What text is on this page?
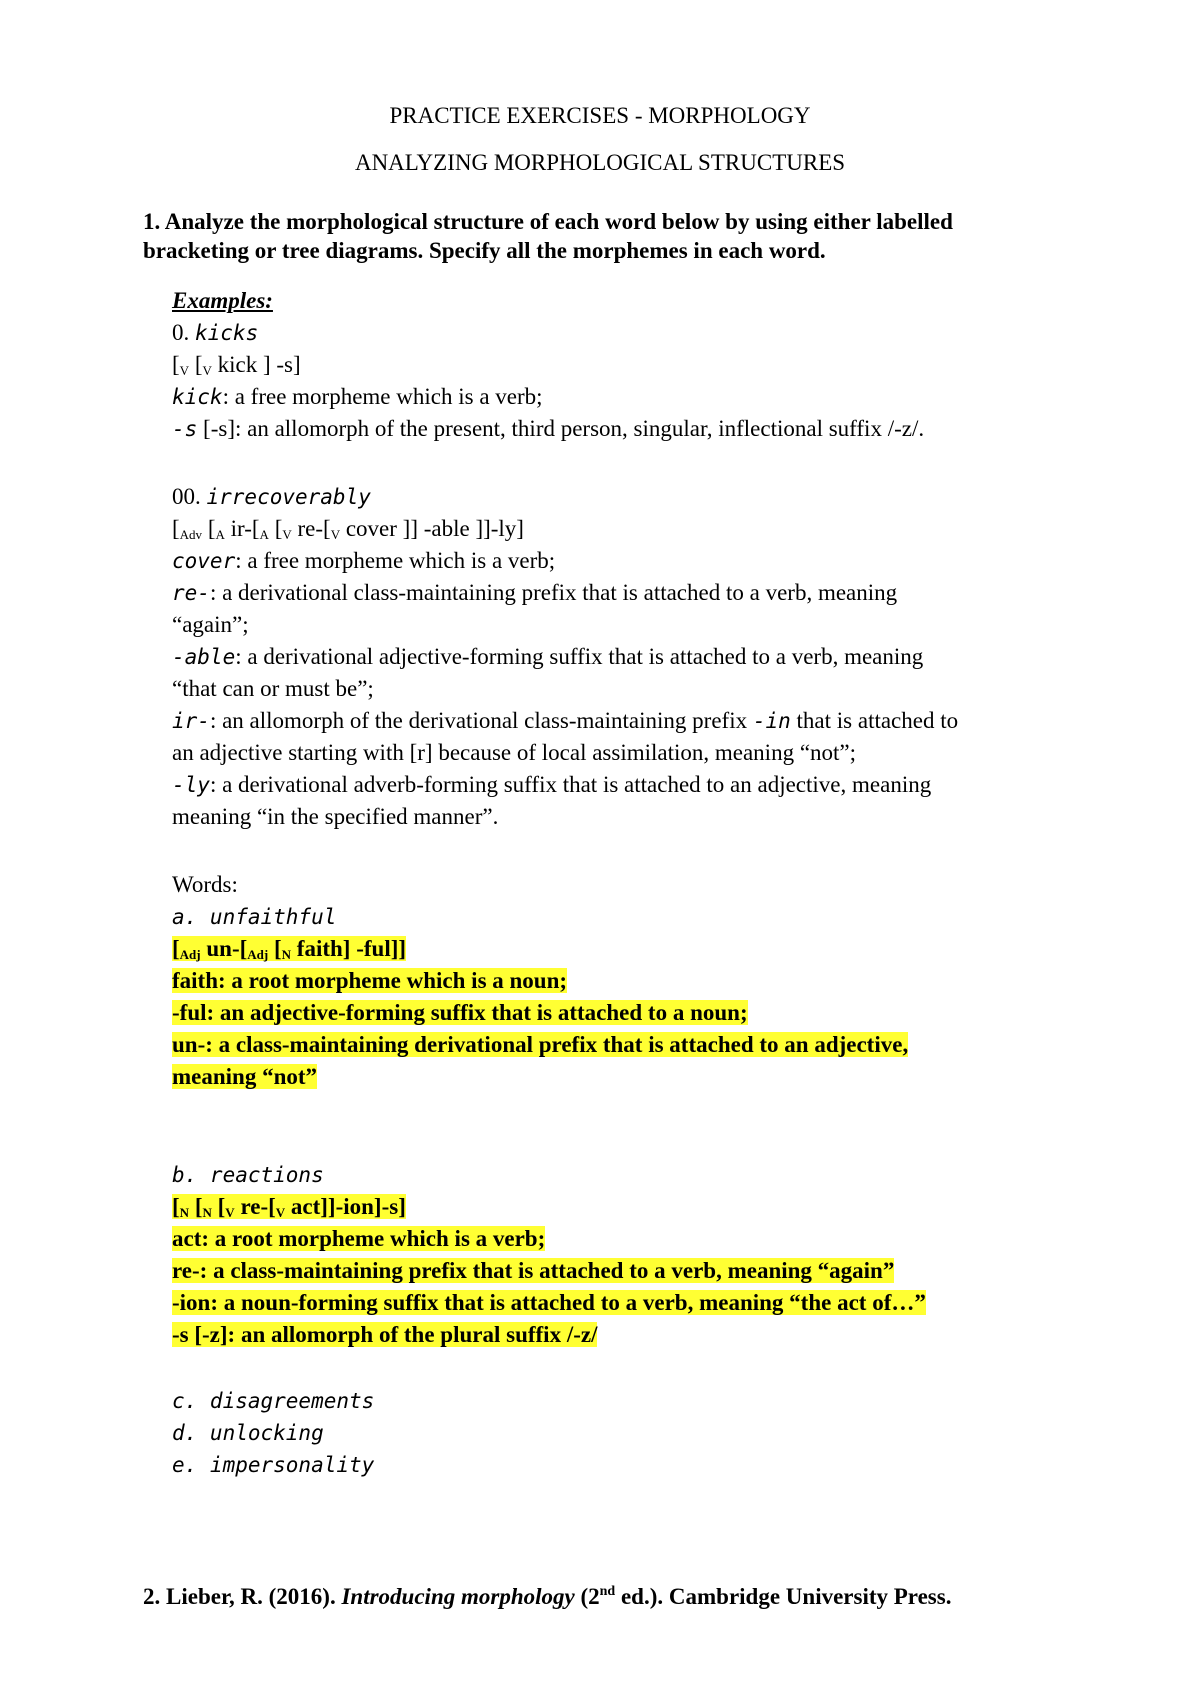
PRACTICE EXERCISES - MORPHOLOGY
ANALYZING MORPHOLOGICAL STRUCTURES
1. Analyze the morphological structure of each word below by using either labelled
bracketing or tree diagrams. Specify all the morphemes in each word.
Examples:
0. kicks
[$_V$ [$_V$ kick ] -s]
kick: a free morpheme which is a verb;
-s [-s]: an allomorph of the present, third person, singular, inflectional suffix /-z/.
00. irrecoverably
[$_{Adv}$ [$_A$ $ir-[_A$ [$_V$ $re-[_V$ cover ]] -able ]]-ly]
cover: a free morpheme which is a verb;
re-: a derivational class-maintaining prefix that is attached to a verb, meaning
“again”;
-able: a derivational adjective-forming suffix that is attached to a verb, meaning
“that can or must be”;
ir-: an allomorph of the derivational class-maintaining prefix -in that is attached to
an adjective starting with [r] because of local assimilation, meaning “not”;
-ly: a derivational adverb-forming suffix that is attached to an adjective, meaning
meaning “in the specified manner”.
Words:
a. unfaithful
[$_{Adj}$ $un-[_{Adj}$ [$_N$ faith] -ful]]
faith: a root morpheme which is a noun;
-ful: an adjective-forming suffix that is attached to a noun;
un-: a class-maintaining derivational prefix that is attached to an adjective,
meaning “not”
b. reactions
[$_N$ [$_N$ [$_V$ $re-[_V$ act]]-ion]-s]
act: a root morpheme which is a verb;
re-: a class-maintaining prefix that is attached to a verb, meaning “again”
-ion: a noun-forming suffix that is attached to a verb, meaning “the act of…”
-s [-z]: an allomorph of the plural suffix /-z/
c. disagreements
d. unlocking
e. impersonality
2. Lieber, R. (2016). Introducing morphology (2nd ed.). Cambridge University Press.
